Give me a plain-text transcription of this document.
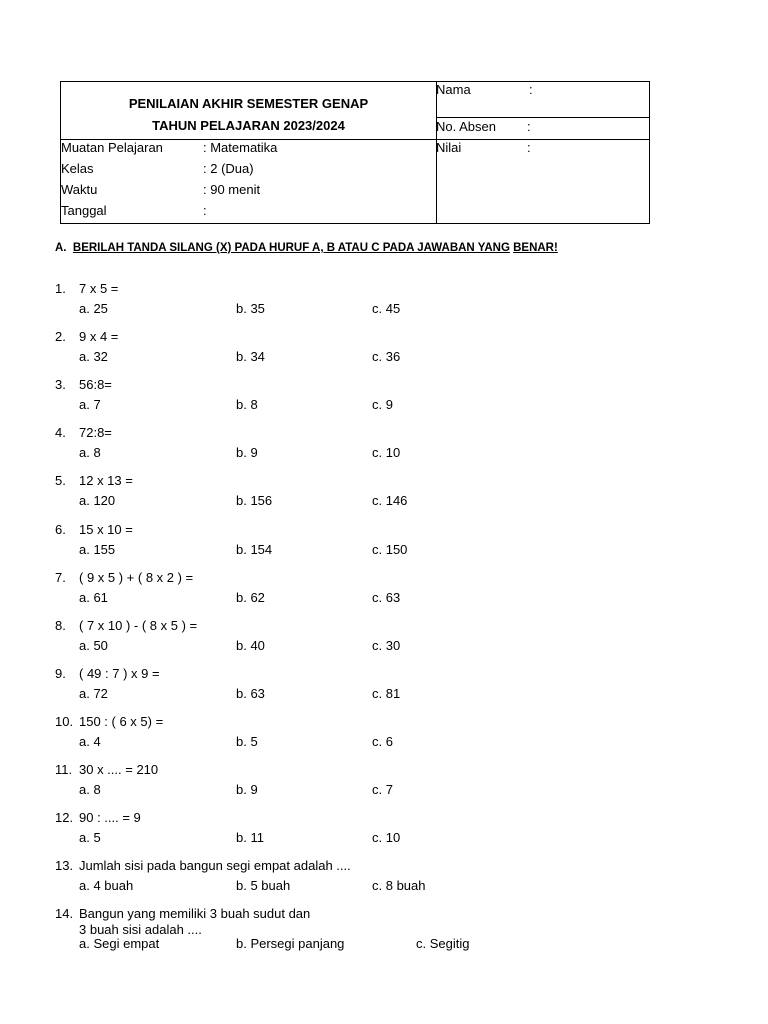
PENILAIAN AKHIR SEMESTER GENAP
TAHUN PELAJARAN 2023/2024
Muatan Pelajaran	: Matematika
Kelas	: 2 (Dua)
Waktu	: 90 menit
Tanggal	:
Nama	:
No. Absen :
Nilai	:
A. BERILAH TANDA SILANG (X) PADA HURUF A, B ATAU C PADA JAWABAN YANG BENAR!
1. 7 x 5 =
a. 25	b. 35	c. 45
2. 9 x 4 =
a. 32	b. 34	c. 36
3. 56:8=
a. 7	b. 8	c. 9
4. 72:8=
a. 8	b. 9	c. 10
5. 12 x 13 =
a. 120	b. 156	c. 146
6. 15 x 10 =
a. 155	b. 154	c. 150
7. ( 9 x 5 ) + ( 8 x 2 ) =
a. 61	b. 62	c. 63
8. ( 7 x 10 ) - ( 8 x 5 ) =
a. 50	b. 40	c. 30
9. ( 49 : 7 ) x 9 =
a. 72	b. 63	c. 81
10. 150 : ( 6 x 5) =
a. 4	b. 5	c. 6
11. 30 x .... = 210
a. 8	b. 9	c. 7
12. 90 : .... = 9
a. 5	b. 11	c. 10
13. Jumlah sisi pada bangun segi empat adalah ....
a. 4 buah	b. 5 buah	c. 8 buah
14. Bangun yang memiliki 3 buah sudut dan
3 buah sisi adalah ....
a. Segi empat	b. Persegi panjang	c. Segitig
